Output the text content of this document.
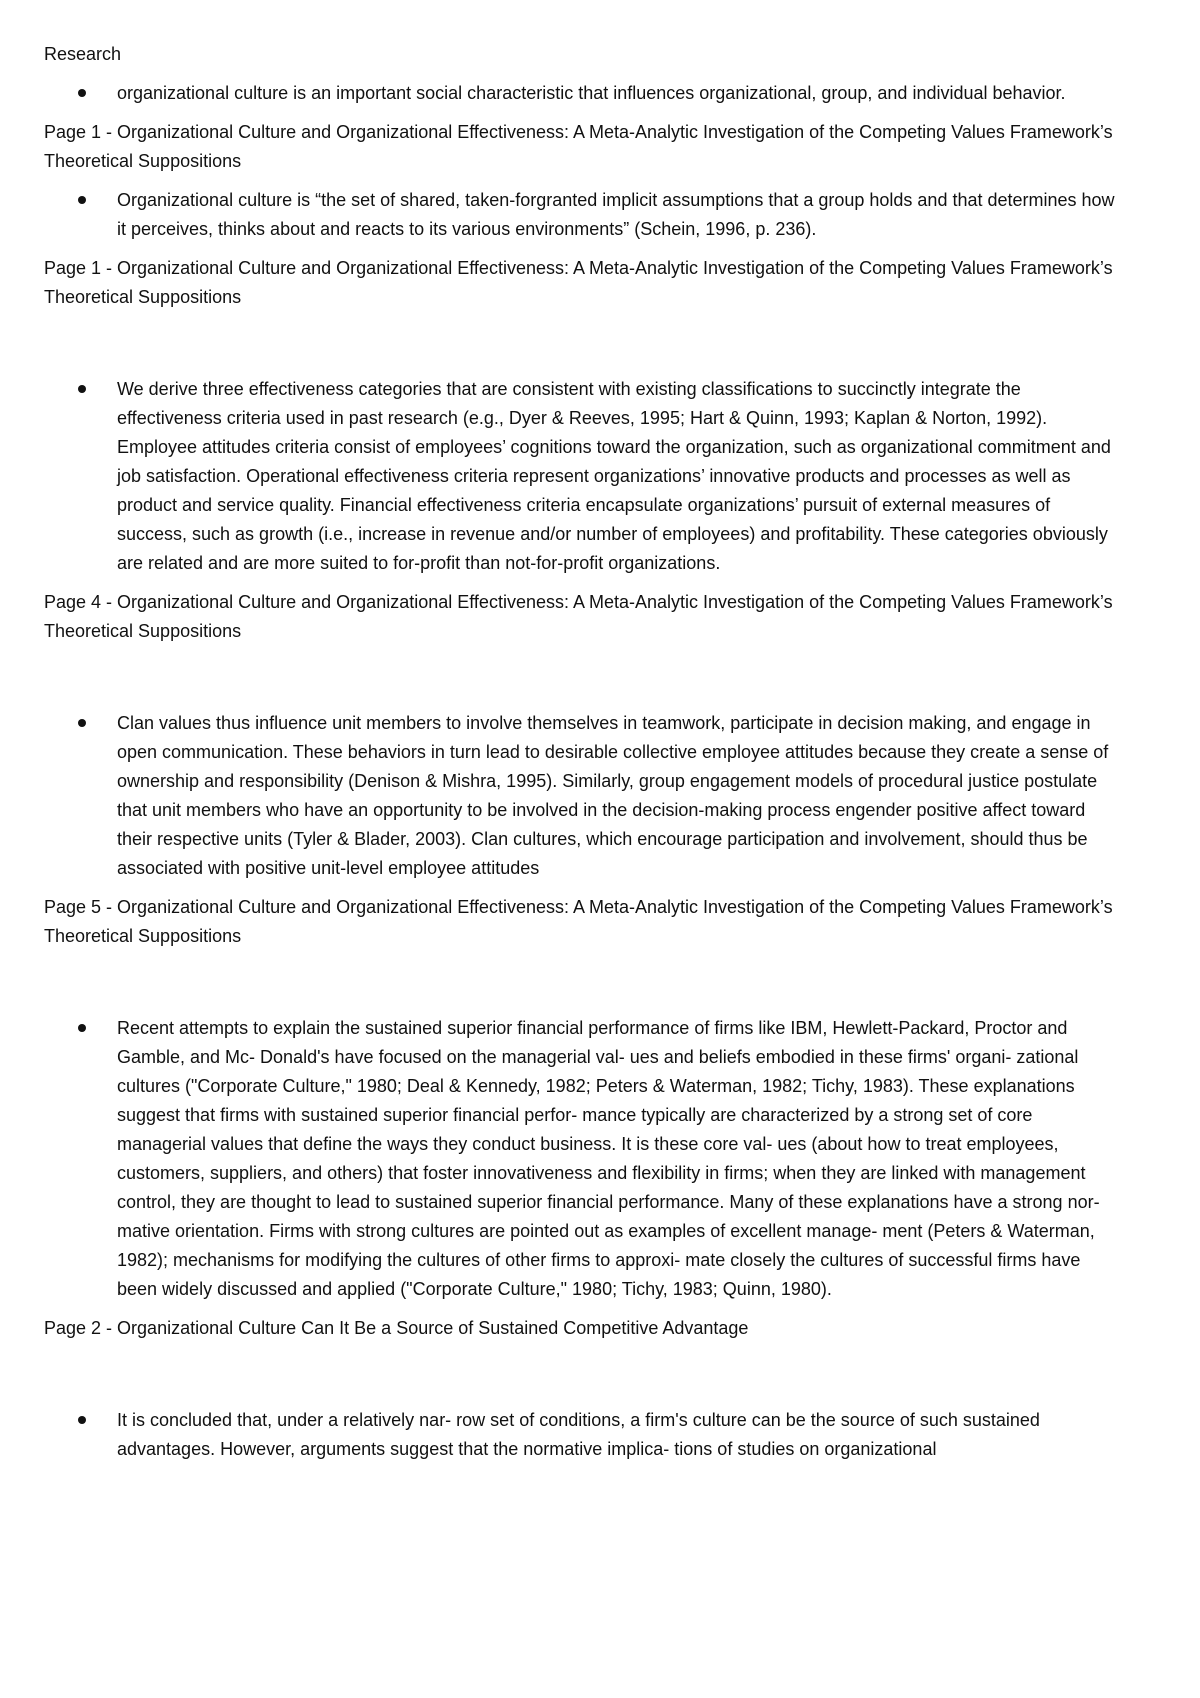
Research
organizational culture is an important social characteristic that influences organizational, group, and individual behavior.
Page 1 - Organizational Culture and Organizational Effectiveness: A Meta-Analytic Investigation of the Competing Values Framework’s Theoretical Suppositions
Organizational culture is “the set of shared, taken-forgranted implicit assumptions that a group holds and that determines how it perceives, thinks about and reacts to its various environments” (Schein, 1996, p. 236).
Page 1 - Organizational Culture and Organizational Effectiveness: A Meta-Analytic Investigation of the Competing Values Framework’s Theoretical Suppositions
We derive three effectiveness categories that are consistent with existing classifications to succinctly integrate the effectiveness criteria used in past research (e.g., Dyer & Reeves, 1995; Hart & Quinn, 1993; Kaplan & Norton, 1992). Employee attitudes criteria consist of employees’ cognitions toward the organization, such as organizational commitment and job satisfaction. Operational effectiveness criteria represent organizations’ innovative products and processes as well as product and service quality. Financial effectiveness criteria encapsulate organizations’ pursuit of external measures of success, such as growth (i.e., increase in revenue and/or number of employees) and profitability. These categories obviously are related and are more suited to for-profit than not-for-profit organizations.
Page 4 - Organizational Culture and Organizational Effectiveness: A Meta-Analytic Investigation of the Competing Values Framework’s Theoretical Suppositions
Clan values thus influence unit members to involve themselves in teamwork, participate in decision making, and engage in open communication. These behaviors in turn lead to desirable collective employee attitudes because they create a sense of ownership and responsibility (Denison & Mishra, 1995). Similarly, group engagement models of procedural justice postulate that unit members who have an opportunity to be involved in the decision-making process engender positive affect toward their respective units (Tyler & Blader, 2003). Clan cultures, which encourage participation and involvement, should thus be associated with positive unit-level employee attitudes
Page 5 - Organizational Culture and Organizational Effectiveness: A Meta-Analytic Investigation of the Competing Values Framework’s Theoretical Suppositions
Recent attempts to explain the sustained superior financial performance of firms like IBM, Hewlett-Packard, Proctor and Gamble, and Mc- Donald's have focused on the managerial val- ues and beliefs embodied in these firms' organi- zational cultures ("Corporate Culture," 1980; Deal & Kennedy, 1982; Peters & Waterman, 1982; Tichy, 1983). These explanations suggest that firms with sustained superior financial perfor- mance typically are characterized by a strong set of core managerial values that define the ways they conduct business. It is these core val- ues (about how to treat employees, customers, suppliers, and others) that foster innovativeness and flexibility in firms; when they are linked with management control, they are thought to lead to sustained superior financial performance. Many of these explanations have a strong nor- mative orientation. Firms with strong cultures are pointed out as examples of excellent manage- ment (Peters & Waterman, 1982); mechanisms for modifying the cultures of other firms to approxi- mate closely the cultures of successful firms have been widely discussed and applied ("Corporate Culture," 1980; Tichy, 1983; Quinn, 1980).
Page 2 - Organizational Culture Can It Be a Source of Sustained Competitive Advantage
It is concluded that, under a relatively nar- row set of conditions, a firm's culture can be the source of such sustained advantages. However, arguments suggest that the normative implica- tions of studies on organizational
